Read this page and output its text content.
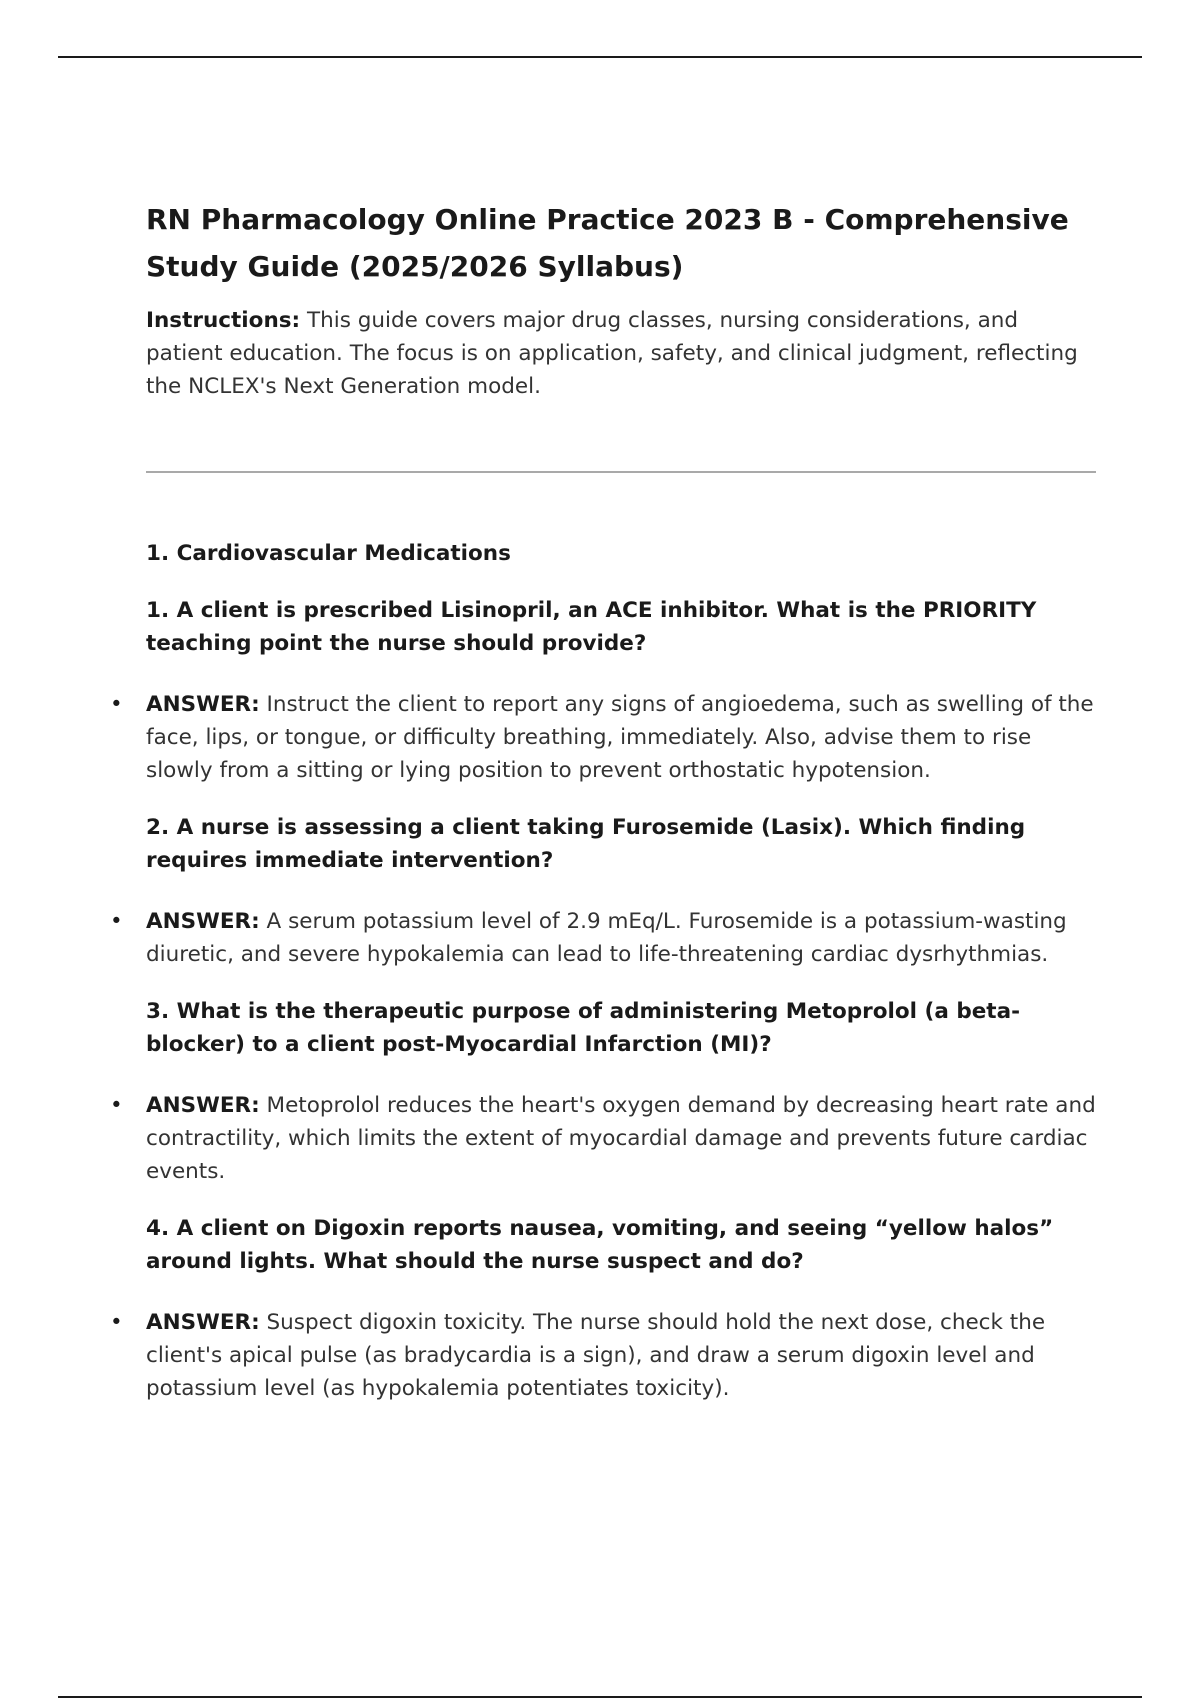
RN Pharmacology Online Practice 2023 B - Comprehensive Study Guide (2025/2026 Syllabus)

Instructions: This guide covers major drug classes, nursing considerations, and patient education. The focus is on application, safety, and clinical judgment, reflecting the NCLEX's Next Generation model.

1. Cardiovascular Medications
1. A client is prescribed Lisinopril, an ACE inhibitor. What is the PRIORITY teaching point the nurse should provide?
• ANSWER: Instruct the client to report any signs of angioedema, such as swelling of the face, lips, or tongue, or difficulty breathing, immediately. Also, advise them to rise slowly from a sitting or lying position to prevent orthostatic hypotension.
2. A nurse is assessing a client taking Furosemide (Lasix). Which finding requires immediate intervention?
• ANSWER: A serum potassium level of 2.9 mEq/L. Furosemide is a potassium-wasting diuretic, and severe hypokalemia can lead to life-threatening cardiac dysrhythmias.
3. What is the therapeutic purpose of administering Metoprolol (a beta-blocker) to a client post-Myocardial Infarction (MI)?
• ANSWER: Metoprolol reduces the heart's oxygen demand by decreasing heart rate and contractility, which limits the extent of myocardial damage and prevents future cardiac events.
4. A client on Digoxin reports nausea, vomiting, and seeing “yellow halos” around lights. What should the nurse suspect and do?
• ANSWER: Suspect digoxin toxicity. The nurse should hold the next dose, check the client's apical pulse (as bradycardia is a sign), and draw a serum digoxin level and potassium level (as hypokalemia potentiates toxicity).
